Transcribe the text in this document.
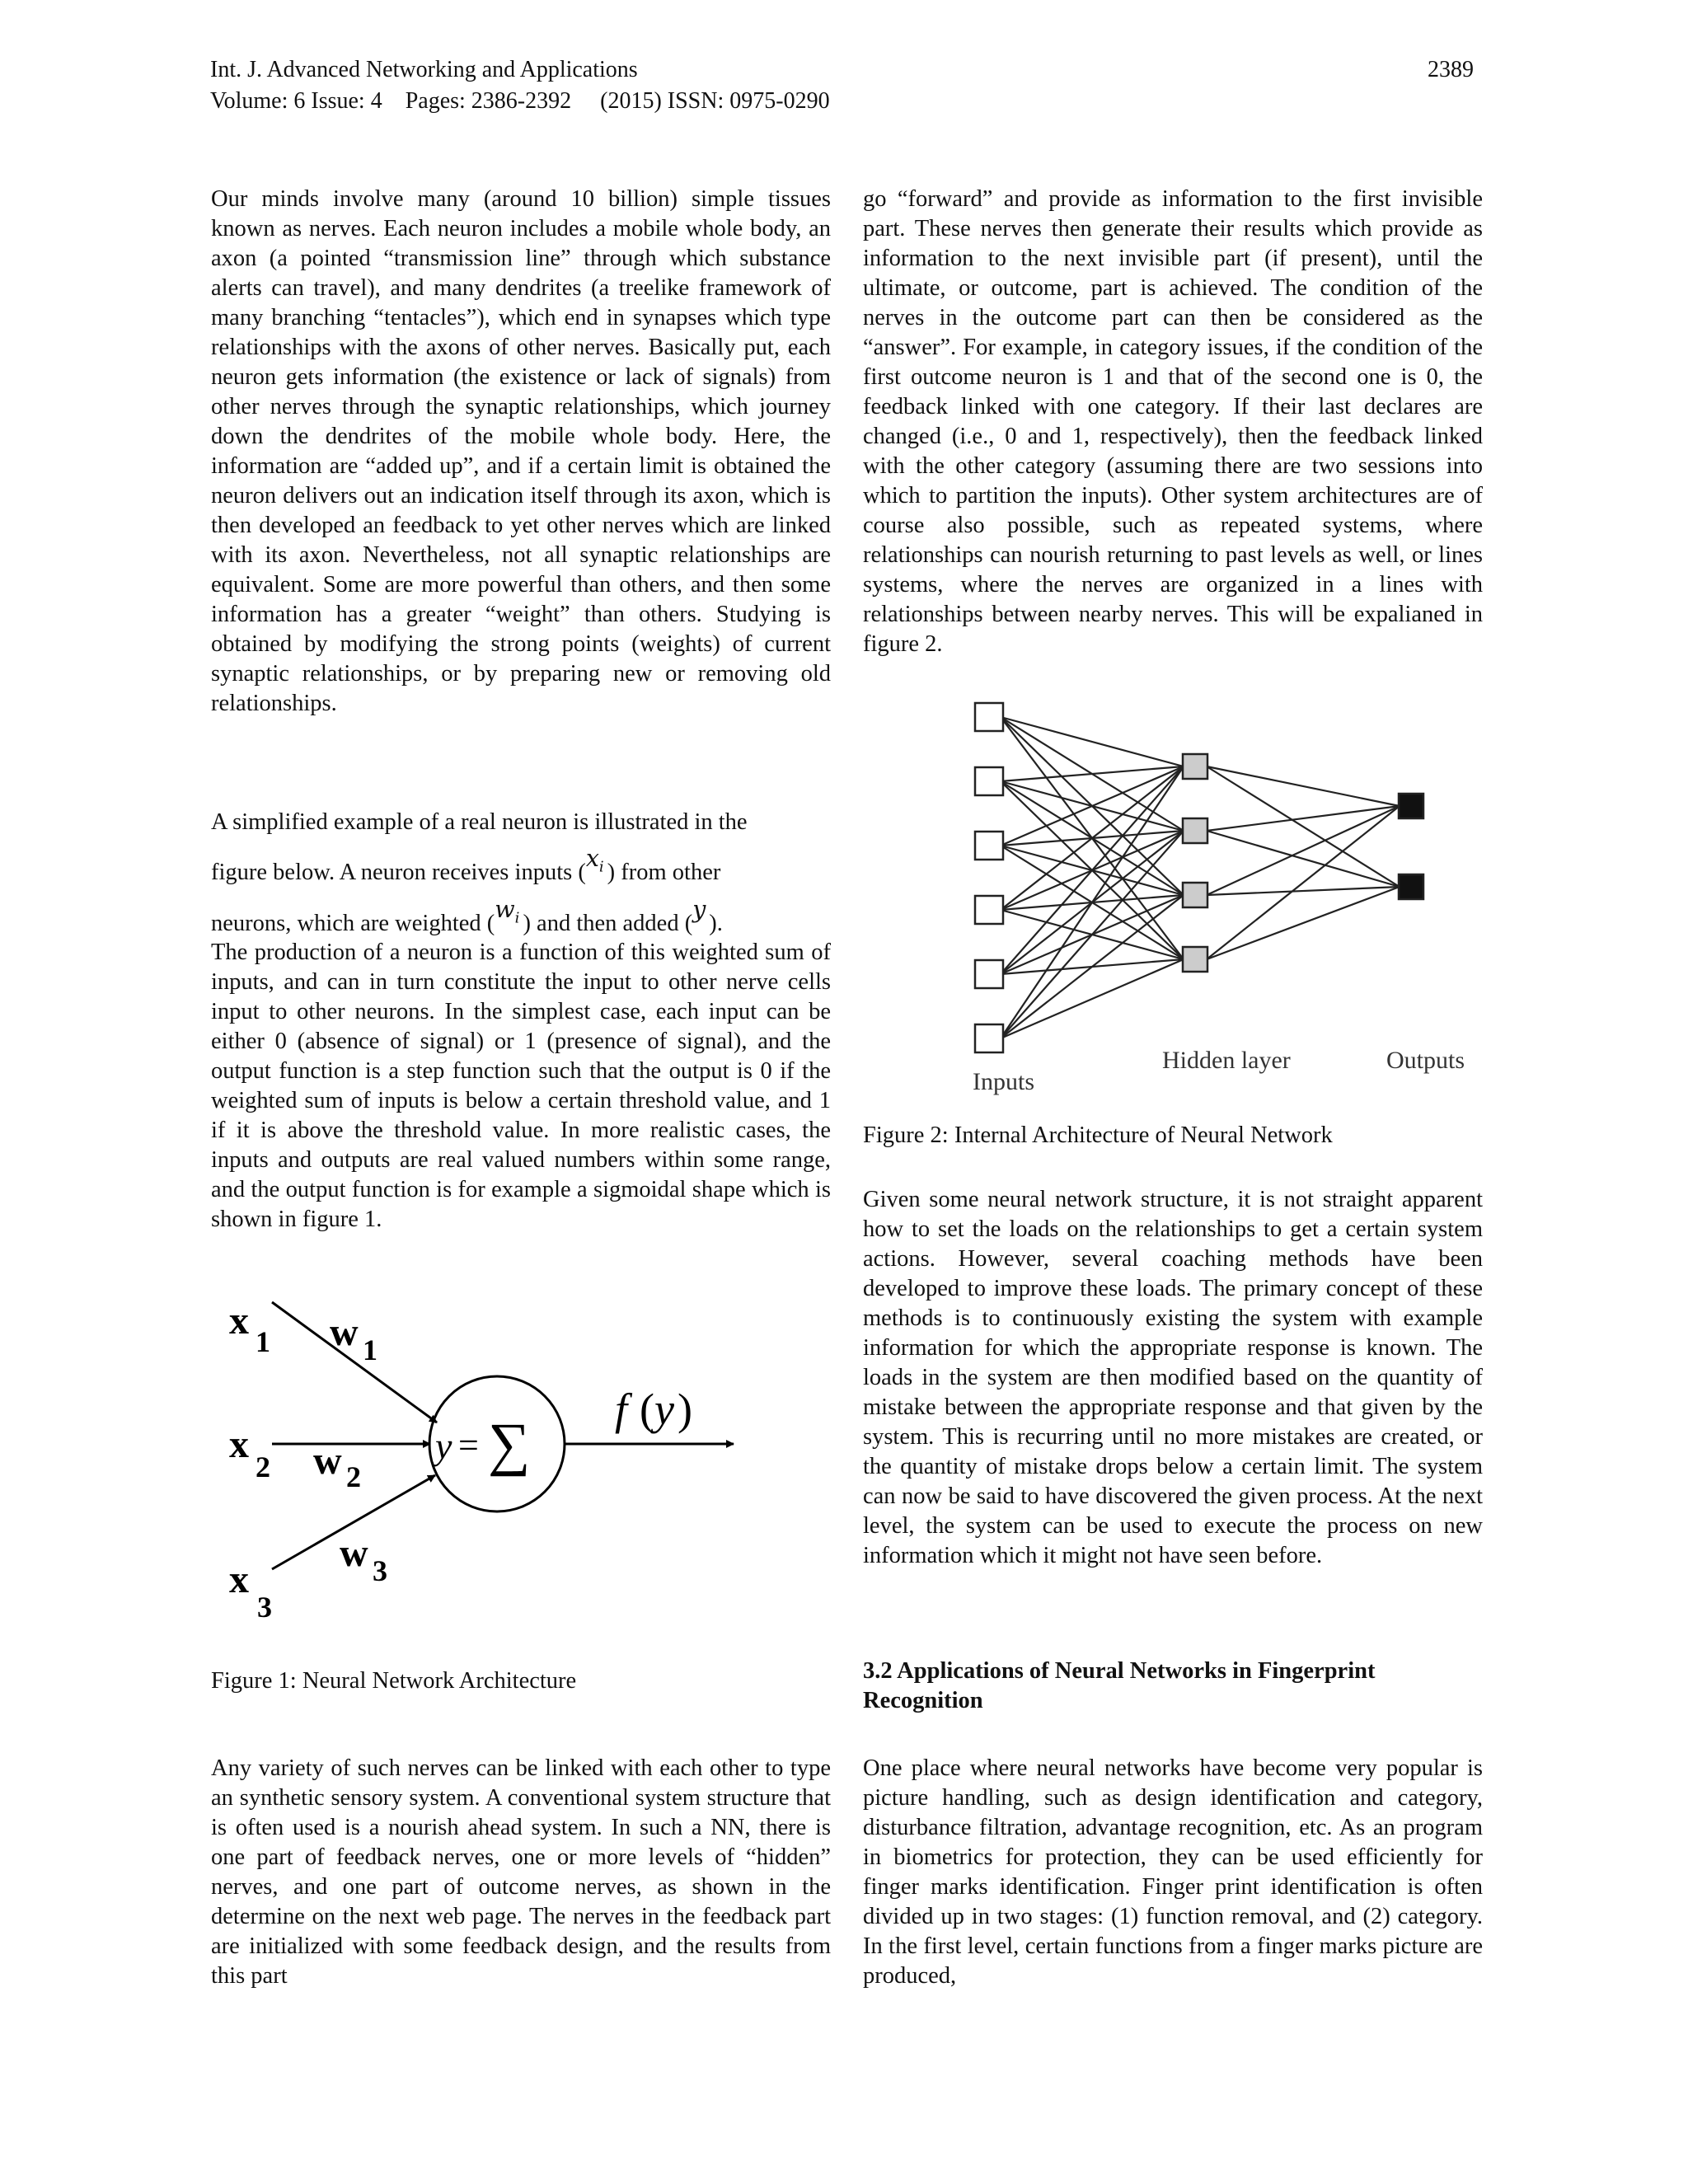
Int. J. Advanced Networking and Applications
Volume: 6 Issue: 4    Pages: 2386-2392     (2015) ISSN: 0975-0290
2389

Our minds involve many (around 10 billion) simple tissues known as nerves. Each neuron includes a mobile whole body, an axon (a pointed “transmission line” through which substance alerts can travel), and many dendrites (a treelike framework of many branching “tentacles”), which end in synapses which type relationships with the axons of other nerves. Basically put, each neuron gets information (the existence or lack of signals) from other nerves through the synaptic relationships, which journey down the dendrites of the mobile whole body. Here, the information are “added up”, and if a certain limit is obtained the neuron delivers out an indication itself through its axon, which is then developed an feedback to yet other nerves which are linked with its axon. Nevertheless, not all synaptic relationships are equivalent. Some are more powerful than others, and then some information has a greater “weight” than others. Studying is obtained by modifying the strong points (weights) of current synaptic relationships, or by preparing new or removing old relationships.

A simplified example of a real neuron is illustrated in the

figure below. A neuron receives inputs ($x_i$ ) from other
neurons, which are weighted ($w_i$ ) and then added (y).

The production of a neuron is a function of this weighted sum of inputs, and can in turn constitute the input to other nerve cells input to other neurons. In the simplest case, each input can be either 0 (absence of signal) or 1 (presence of signal), and the output function is a step function such that the output is 0 if the weighted sum of inputs is below a certain threshold value, and 1 if it is above the threshold value. In more realistic cases, the inputs and outputs are real valued numbers within some range, and the output function is for example a sigmoidal shape which is shown in figure 1.

x 1 w 1
x
2 w 2
x
3
w 3
y = ∑
f ( y )
Figure 1: Neural Network Architecture

Any variety of such nerves can be linked with each other to type an synthetic sensory system. A conventional system structure that is often used is a nourish ahead system. In such a NN, there is one part of feedback nerves, one or more levels of “hidden” nerves, and one part of outcome nerves, as shown in the determine on the next web page. The nerves in the feedback part are initialized with some feedback design, and the results from this part

go “forward” and provide as information to the first invisible part. These nerves then generate their results which provide as information to the next invisible part (if present), until the ultimate, or outcome, part is achieved. The condition of the nerves in the outcome part can then be considered as the “answer”. For example, in category issues, if the condition of the first outcome neuron is 1 and that of the second one is 0, the feedback linked with one category. If their last declares are changed (i.e., 0 and 1, respectively), then the feedback linked with the other category (assuming there are two sessions into which to partition the inputs). Other system architectures are of course also possible, such as repeated systems, where relationships can nourish returning to past levels as well, or lines systems, where the nerves are organized in a lines with relationships between nearby nerves. This will be expalianed in figure 2.

Inputs
Hidden layer	Outputs
Figure 2: Internal Architecture of Neural Network

Given some neural network structure, it is not straight apparent how to set the loads on the relationships to get a certain system actions. However, several coaching methods have been developed to improve these loads. The primary concept of these methods is to continuously existing the system with example information for which the appropriate response is known. The loads in the system are then modified based on the quantity of mistake between the appropriate response and that given by the system. This is recurring until no more mistakes are created, or the quantity of mistake drops below a certain limit. The system can now be said to have discovered the given process. At the next level, the system can be used to execute the process on new information which it might not have seen before.

3.2 Applications of Neural Networks in Fingerprint Recognition

One place where neural networks have become very popular is picture handling, such as design identification and category, disturbance filtration, advantage recognition, etc. As an program in biometrics for protection, they can be used efficiently for finger marks identification. Finger print identification is often divided up in two stages: (1) function removal, and (2) category. In the first level, certain functions from a finger marks picture are produced,
